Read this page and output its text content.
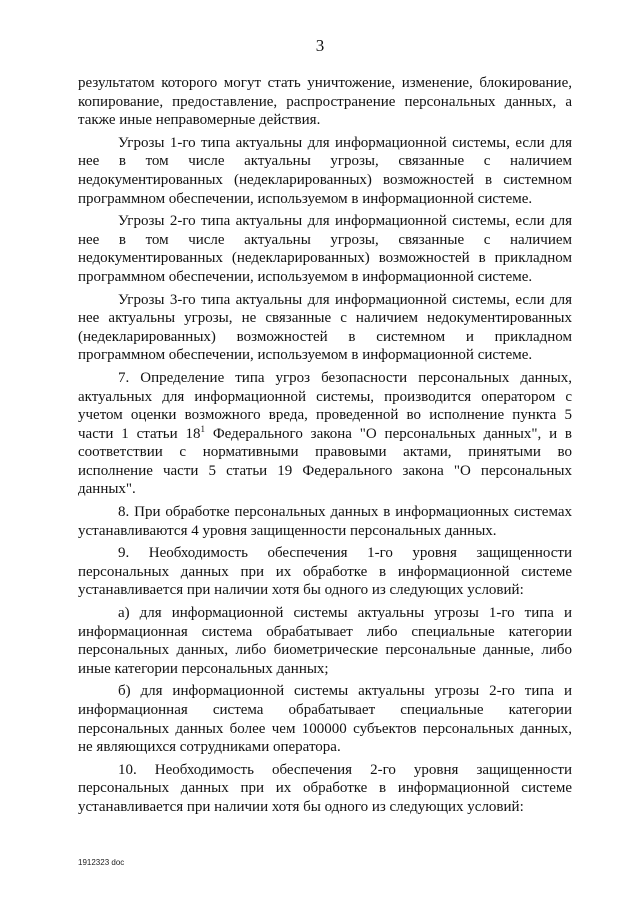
3

результатом которого могут стать уничтожение, изменение, блокирование, копирование, предоставление, распространение персональных данных, а также иные неправомерные действия.

Угрозы 1-го типа актуальны для информационной системы, если для нее в том числе актуальны угрозы, связанные с наличием недокументированных (недекларированных) возможностей в системном программном обеспечении, используемом в информационной системе.

Угрозы 2-го типа актуальны для информационной системы, если для нее в том числе актуальны угрозы, связанные с наличием недокументированных (недекларированных) возможностей в прикладном программном обеспечении, используемом в информационной системе.

Угрозы 3-го типа актуальны для информационной системы, если для нее актуальны угрозы, не связанные с наличием недокументированных (недекларированных) возможностей в системном и прикладном программном обеспечении, используемом в информационной системе.

7. Определение типа угроз безопасности персональных данных, актуальных для информационной системы, производится оператором с учетом оценки возможного вреда, проведенной во исполнение пункта 5 части 1 статьи $18^1$ Федерального закона "О персональных данных", и в соответствии с нормативными правовыми актами, принятыми во исполнение части 5 статьи 19 Федерального закона "О персональных данных".

8. При обработке персональных данных в информационных системах устанавливаются 4 уровня защищенности персональных данных.

9. Необходимость обеспечения 1-го уровня защищенности персональных данных при их обработке в информационной системе устанавливается при наличии хотя бы одного из следующих условий:

а) для информационной системы актуальны угрозы 1-го типа и информационная система обрабатывает либо специальные категории персональных данных, либо биометрические персональные данные, либо иные категории персональных данных;

б) для информационной системы актуальны угрозы 2-го типа и информационная система обрабатывает специальные категории персональных данных более чем 100000 субъектов персональных данных, не являющихся сотрудниками оператора.

10. Необходимость обеспечения 2-го уровня защищенности персональных данных при их обработке в информационной системе устанавливается при наличии хотя бы одного из следующих условий:

1912323 doc
